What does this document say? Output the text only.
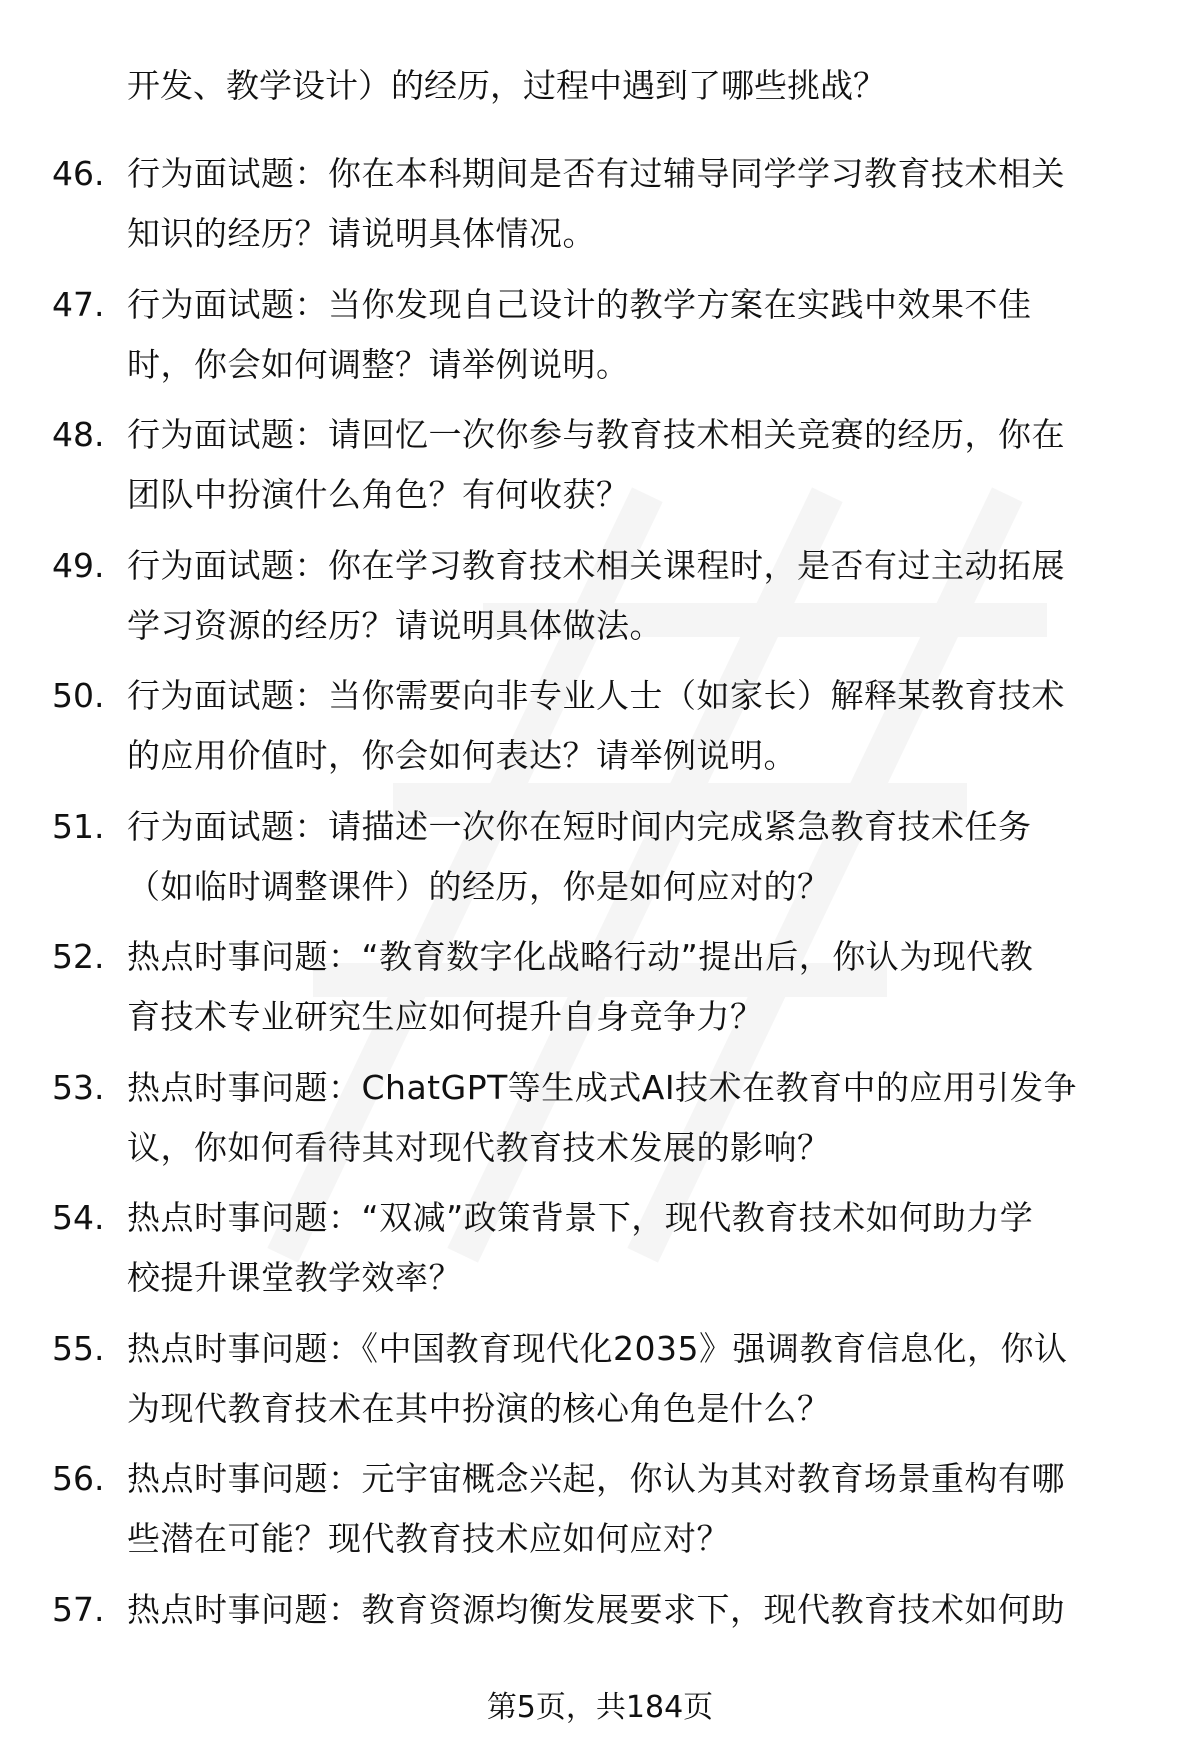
开发、教学设计）的经历，过程中遇到了哪些挑战？
46. 行为面试题：你在本科期间是否有过辅导同学学习教育技术相关
知识的经历？请说明具体情况。
47. 行为面试题：当你发现自己设计的教学方案在实践中效果不佳
时，你会如何调整？请举例说明。
48. 行为面试题：请回忆一次你参与教育技术相关竞赛的经历，你在
团队中扮演什么角色？有何收获？
49. 行为面试题：你在学习教育技术相关课程时，是否有过主动拓展
学习资源的经历？请说明具体做法。
50. 行为面试题：当你需要向非专业人士（如家长）解释某教育技术
的应用价值时，你会如何表达？请举例说明。
51. 行为面试题：请描述一次你在短时间内完成紧急教育技术任务
（如临时调整课件）的经历，你是如何应对的？
52. 热点时事问题：“教育数字化战略行动”提出后，你认为现代教
育技术专业研究生应如何提升自身竞争力？
53. 热点时事问题：ChatGPT等生成式AI技术在教育中的应用引发争
议，你如何看待其对现代教育技术发展的影响？
54. 热点时事问题：“双减”政策背景下，现代教育技术如何助力学
校提升课堂教学效率？
55. 热点时事问题：《中国教育现代化2035》强调教育信息化，你认
为现代教育技术在其中扮演的核心角色是什么？
56. 热点时事问题：元宇宙概念兴起，你认为其对教育场景重构有哪
些潜在可能？现代教育技术应如何应对？
57. 热点时事问题：教育资源均衡发展要求下，现代教育技术如何助
第5页，共184页
